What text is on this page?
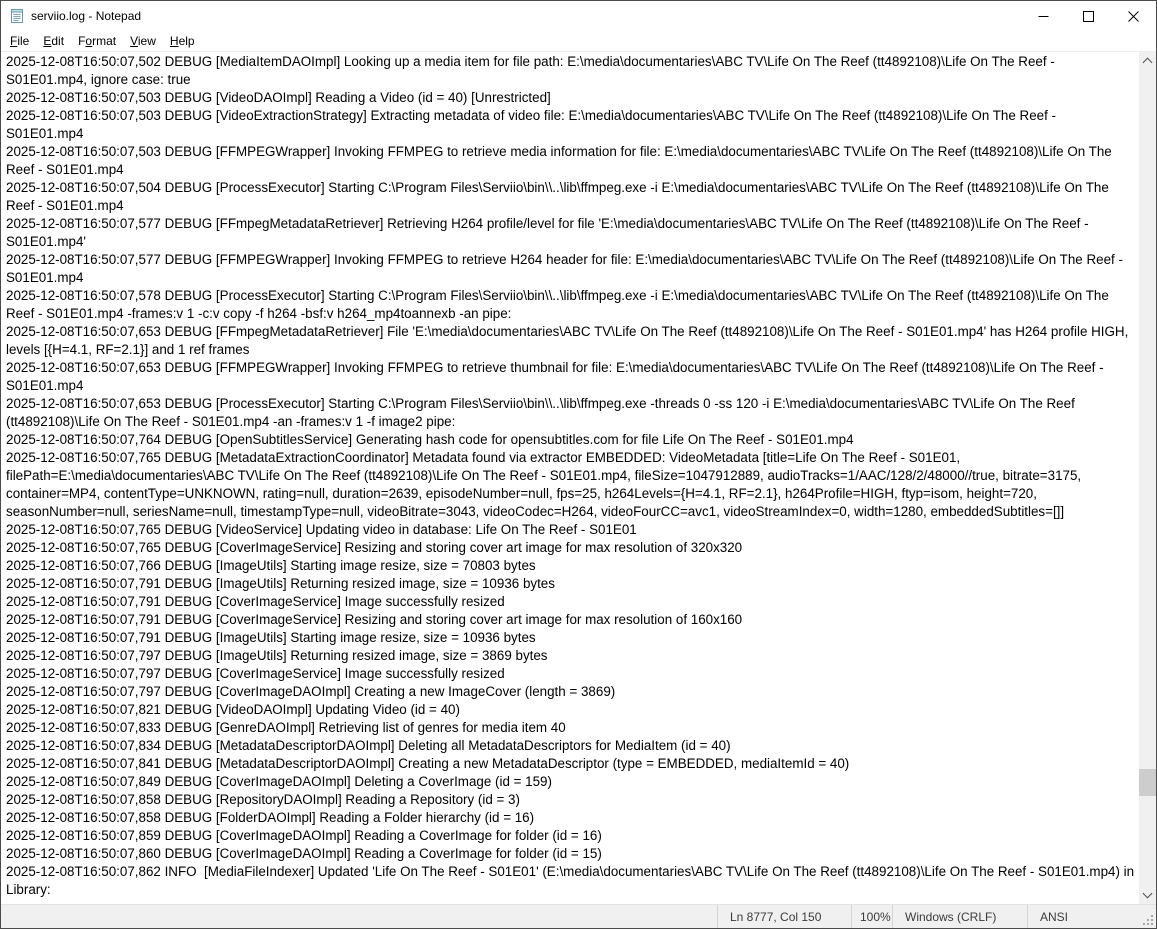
serviio.log - Notepad
File	Edit	Format	View	Help
2025-12-08T16:50:07,502 DEBUG [MediaItemDAOImpl] Looking up a media item for file path: E:\media\documentaries\ABC TV\Life On The Reef (tt4892108)\Life On The Reef - S01E01.mp4, ignore case: true
2025-12-08T16:50:07,503 DEBUG [VideoDAOImpl] Reading a Video (id = 40) [Unrestricted]
2025-12-08T16:50:07,503 DEBUG [VideoExtractionStrategy] Extracting metadata of video file: E:\media\documentaries\ABC TV\Life On The Reef (tt4892108)\Life On The Reef - S01E01.mp4
2025-12-08T16:50:07,503 DEBUG [FFMPEGWrapper] Invoking FFMPEG to retrieve media information for file: E:\media\documentaries\ABC TV\Life On The Reef (tt4892108)\Life On The Reef - S01E01.mp4
2025-12-08T16:50:07,504 DEBUG [ProcessExecutor] Starting C:\Program Files\Serviio\bin\\..\lib\ffmpeg.exe -i E:\media\documentaries\ABC TV\Life On The Reef (tt4892108)\Life On The Reef - S01E01.mp4
2025-12-08T16:50:07,577 DEBUG [FFmpegMetadataRetriever] Retrieving H264 profile/level for file 'E:\media\documentaries\ABC TV\Life On The Reef (tt4892108)\Life On The Reef - S01E01.mp4'
2025-12-08T16:50:07,577 DEBUG [FFMPEGWrapper] Invoking FFMPEG to retrieve H264 header for file: E:\media\documentaries\ABC TV\Life On The Reef (tt4892108)\Life On The Reef - S01E01.mp4
2025-12-08T16:50:07,578 DEBUG [ProcessExecutor] Starting C:\Program Files\Serviio\bin\\..\lib\ffmpeg.exe -i E:\media\documentaries\ABC TV\Life On The Reef (tt4892108)\Life On The Reef - S01E01.mp4 -frames:v 1 -c:v copy -f h264 -bsf:v h264_mp4toannexb -an pipe:
2025-12-08T16:50:07,653 DEBUG [FFmpegMetadataRetriever] File 'E:\media\documentaries\ABC TV\Life On The Reef (tt4892108)\Life On The Reef - S01E01.mp4' has H264 profile HIGH, levels [{H=4.1, RF=2.1}] and 1 ref frames
2025-12-08T16:50:07,653 DEBUG [FFMPEGWrapper] Invoking FFMPEG to retrieve thumbnail for file: E:\media\documentaries\ABC TV\Life On The Reef (tt4892108)\Life On The Reef - S01E01.mp4
2025-12-08T16:50:07,653 DEBUG [ProcessExecutor] Starting C:\Program Files\Serviio\bin\\..\lib\ffmpeg.exe -threads 0 -ss 120 -i E:\media\documentaries\ABC TV\Life On The Reef (tt4892108)\Life On The Reef - S01E01.mp4 -an -frames:v 1 -f image2 pipe:
2025-12-08T16:50:07,764 DEBUG [OpenSubtitlesService] Generating hash code for opensubtitles.com for file Life On The Reef - S01E01.mp4
2025-12-08T16:50:07,765 DEBUG [MetadataExtractionCoordinator] Metadata found via extractor EMBEDDED: VideoMetadata [title=Life On The Reef - S01E01, filePath=E:\media\documentaries\ABC TV\Life On The Reef (tt4892108)\Life On The Reef - S01E01.mp4, fileSize=1047912889, audioTracks=1/AAC/128/2/48000//true, bitrate=3175, container=MP4, contentType=UNKNOWN, rating=null, duration=2639, episodeNumber=null, fps=25, h264Levels={H=4.1, RF=2.1}, h264Profile=HIGH, ftyp=isom, height=720, seasonNumber=null, seriesName=null, timestampType=null, videoBitrate=3043, videoCodec=H264, videoFourCC=avc1, videoStreamIndex=0, width=1280, embeddedSubtitles=[]]
2025-12-08T16:50:07,765 DEBUG [VideoService] Updating video in database: Life On The Reef - S01E01
2025-12-08T16:50:07,765 DEBUG [CoverImageService] Resizing and storing cover art image for max resolution of 320x320
2025-12-08T16:50:07,766 DEBUG [ImageUtils] Starting image resize, size = 70803 bytes
2025-12-08T16:50:07,791 DEBUG [ImageUtils] Returning resized image, size = 10936 bytes
2025-12-08T16:50:07,791 DEBUG [CoverImageService] Image successfully resized
2025-12-08T16:50:07,791 DEBUG [CoverImageService] Resizing and storing cover art image for max resolution of 160x160
2025-12-08T16:50:07,791 DEBUG [ImageUtils] Starting image resize, size = 10936 bytes
2025-12-08T16:50:07,797 DEBUG [ImageUtils] Returning resized image, size = 3869 bytes
2025-12-08T16:50:07,797 DEBUG [CoverImageService] Image successfully resized
2025-12-08T16:50:07,797 DEBUG [CoverImageDAOImpl] Creating a new ImageCover (length = 3869)
2025-12-08T16:50:07,821 DEBUG [VideoDAOImpl] Updating Video (id = 40)
2025-12-08T16:50:07,833 DEBUG [GenreDAOImpl] Retrieving list of genres for media item 40
2025-12-08T16:50:07,834 DEBUG [MetadataDescriptorDAOImpl] Deleting all MetadataDescriptors for MediaItem (id = 40)
2025-12-08T16:50:07,841 DEBUG [MetadataDescriptorDAOImpl] Creating a new MetadataDescriptor (type = EMBEDDED, mediaItemId = 40)
2025-12-08T16:50:07,849 DEBUG [CoverImageDAOImpl] Deleting a CoverImage (id = 159)
2025-12-08T16:50:07,858 DEBUG [RepositoryDAOImpl] Reading a Repository (id = 3)
2025-12-08T16:50:07,858 DEBUG [FolderDAOImpl] Reading a Folder hierarchy (id = 16)
2025-12-08T16:50:07,859 DEBUG [CoverImageDAOImpl] Reading a CoverImage for folder (id = 16)
2025-12-08T16:50:07,860 DEBUG [CoverImageDAOImpl] Reading a CoverImage for folder (id = 15)
2025-12-08T16:50:07,862 INFO  [MediaFileIndexer] Updated 'Life On The Reef - S01E01' (E:\media\documentaries\ABC TV\Life On The Reef (tt4892108)\Life On The Reef - S01E01.mp4) in Library:
Ln 8777, Col 150	100% Windows (CRLF)	ANSI
